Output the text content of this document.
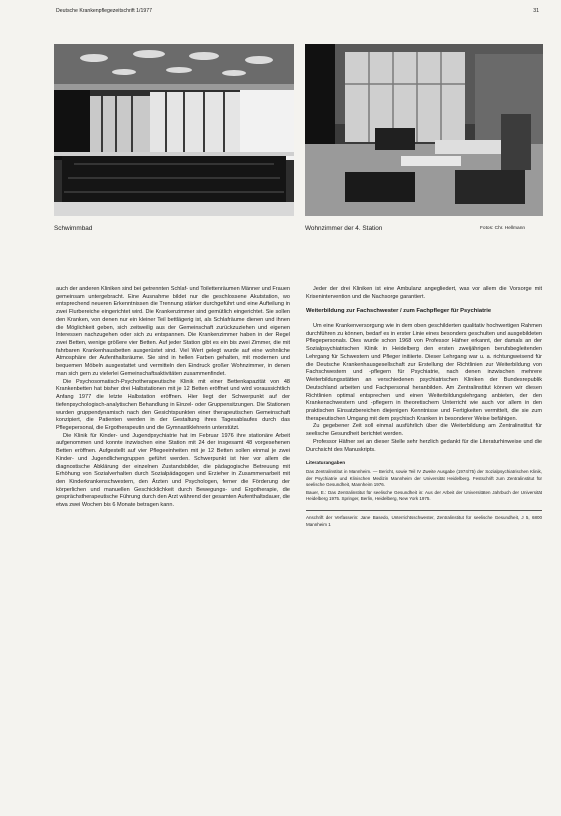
Deutsche Krankenpflegezeitschrift 1/1977	31
Schwimmbad	Wohnzimmer der 4. Station	Fotos: Chr. Hellmann

auch der anderen Kliniken sind bei getrennten Schlaf- und Toilettenräumen Männer und Frauen gemeinsam untergebracht. Eine Ausnahme bildet nur die geschlossene Akutstation, wo entsprechend neueren Erkenntnissen die Trennung stärker durchgeführt und eine Aufteilung in zwei Flurbereiche eingerichtet wird. Die Krankenzimmer sind gemütlich eingerichtet. Sie sollen den Kranken, von denen nur ein kleiner Teil bettlägerig ist, als Schlafräume dienen und ihnen die Möglichkeit geben, sich zeitweilig aus der Gemeinschaft zurückzuziehen und eigenen Interessen nachzugehen oder sich zu entspannen. Die Krankenzimmer haben in der Regel zwei Betten, wenige größere vier Betten. Auf jeder Station gibt es ein bis zwei Zimmer, die mit fahrbaren Krankenhausbetten ausgerüstet sind. Viel Wert gelegt wurde auf eine wohnliche Atmosphäre der Aufenthaltsräume. Sie sind in hellen Farben gehalten, mit modernen und bequemen Möbeln ausgestattet und vermitteln den Eindruck großer Wohnzimmer, in denen man sich gern zu vielerlei Gemeinschaftsaktivitäten zusammenfindet.

Die Psychosomatisch-Psychotherapeutische Klinik mit einer Bettenkapazität von 48 Krankenbetten hat bisher drei Halbstationen mit je 12 Betten eröffnet und wird voraussichtlich Anfang 1977 die letzte Halbstation eröffnen. Hier liegt der Schwerpunkt auf der tiefenpsychologisch-analytischen Behandlung in Einzel- oder Gruppensitzungen. Die Stationen wurden gruppendynamisch nach den Gesichtspunkten einer therapeutischen Gemeinschaft konzipiert, die Patienten werden in der Gestaltung ihres Tagesablaufes durch das Pflegepersonal, die Ergotherapeutin und die Gymnastiklehrerin unterstützt.

Die Klinik für Kinder- und Jugendpsychiatrie hat im Februar 1976 ihre stationäre Arbeit aufgenommen und konnte inzwischen eine Station mit 24 der insgesamt 48 vorgesehenen Betten eröffnen. Aufgestellt auf vier Pflegeeinheiten mit je 12 Betten sollen einmal je zwei Kinder- und Jugendlichengruppen geführt werden. Schwerpunkt ist hier vor allem die diagnostische Abklärung der einzelnen Zustandsbilder, die pädagogische Betreuung mit Erhöhung von Sozialverhalten durch Sozialpädagogen und Erzieher in Zusammenarbeit mit den Kinderkrankenschwestern, den Ärzten und Psychologen, ferner die Förderung der körperlichen und manuellen Geschicklichkeit durch Bewegungs- und Ergotherapie, die gesprächstherapeutische Führung durch den Arzt während der gesamten Aufenthaltsdauer, die etwa zwei Wochen bis 6 Monate betragen kann.

Jeder der drei Kliniken ist eine Ambulanz angegliedert, was vor allem die Vorsorge mit Krisenintervention und die Nachsorge garantiert.

Weiterbildung zur Fachschwester / zum Fachpfleger für Psychiatrie

Um eine Krankenversorgung wie in dem oben geschilderten qualitativ hochwertigen Rahmen durchführen zu können, bedarf es in erster Linie eines besonders geschulten und ausgebildeten Pflegepersonals. Dies wurde schon 1968 von Professor Häfner erkannt, der damals an der Sozialpsychiatrischen Klinik in Heidelberg den ersten zweijährigen berufsbegleitenden Lehrgang für Schwestern und Pfleger initiierte. Dieser Lehrgang war u. a. richtungweisend für die Deutsche Krankenhausgesellschaft zur Erstellung der Richtlinien zur Weiterbildung von Fachschwestern und -pflegern für Psychiatrie, nach denen inzwischen mehrere Weiterbildungsstätten an verschiedenen psychiatrischen Kliniken der Bundesrepublik Deutschland arbeiten und Fachpersonal heranbilden. Am Zentralinstitut können wir diesen Richtlinien optimal entsprechen und einen Weiterbildungslehrgang anbieten, der den Krankenschwestern und -pflegern in theoretischem Unterricht wie auch vor allem in den praktischen Einsatzbereichen diejenigen Kenntnisse und Fertigkeiten vermittelt, die sie zum therapeutischen Umgang mit dem psychisch Kranken in besonderer Weise befähigen.

Zu gegebener Zeit soll einmal ausführlich über die Weiterbildung am Zentralinstitut für seelische Gesundheit berichtet werden.

Professor Häfner sei an dieser Stelle sehr herzlich gedankt für die Literaturhinweise und die Durchsicht des Manuskripts.

Literaturangaben

Das Zentralinstitut in Mannheim. — Bericht, sowie Teil IV Zweite Ausgabe (1974/75) der Sozialpsychiatrischen Klinik, der Psychiatrie und Klinischen Medizin Mannheim der Universität Heidelberg. Festschrift zum Zentralinstitut für seelische Gesundheit, Mannheim 1976.

Bauer, E.: Das Zentralinstitut für seelische Gesundheit in: Aus der Arbeit der Universitäten Jahrbuch der Universität Heidelberg 1975. Springer, Berlin, Heidelberg, New York 1975.

Anschrift der Verfasserin: Jane Basedo, Unterrichtsschwester, Zentralinstitut für seelische Gesundheit, J 5, 6800 Mannheim 1
